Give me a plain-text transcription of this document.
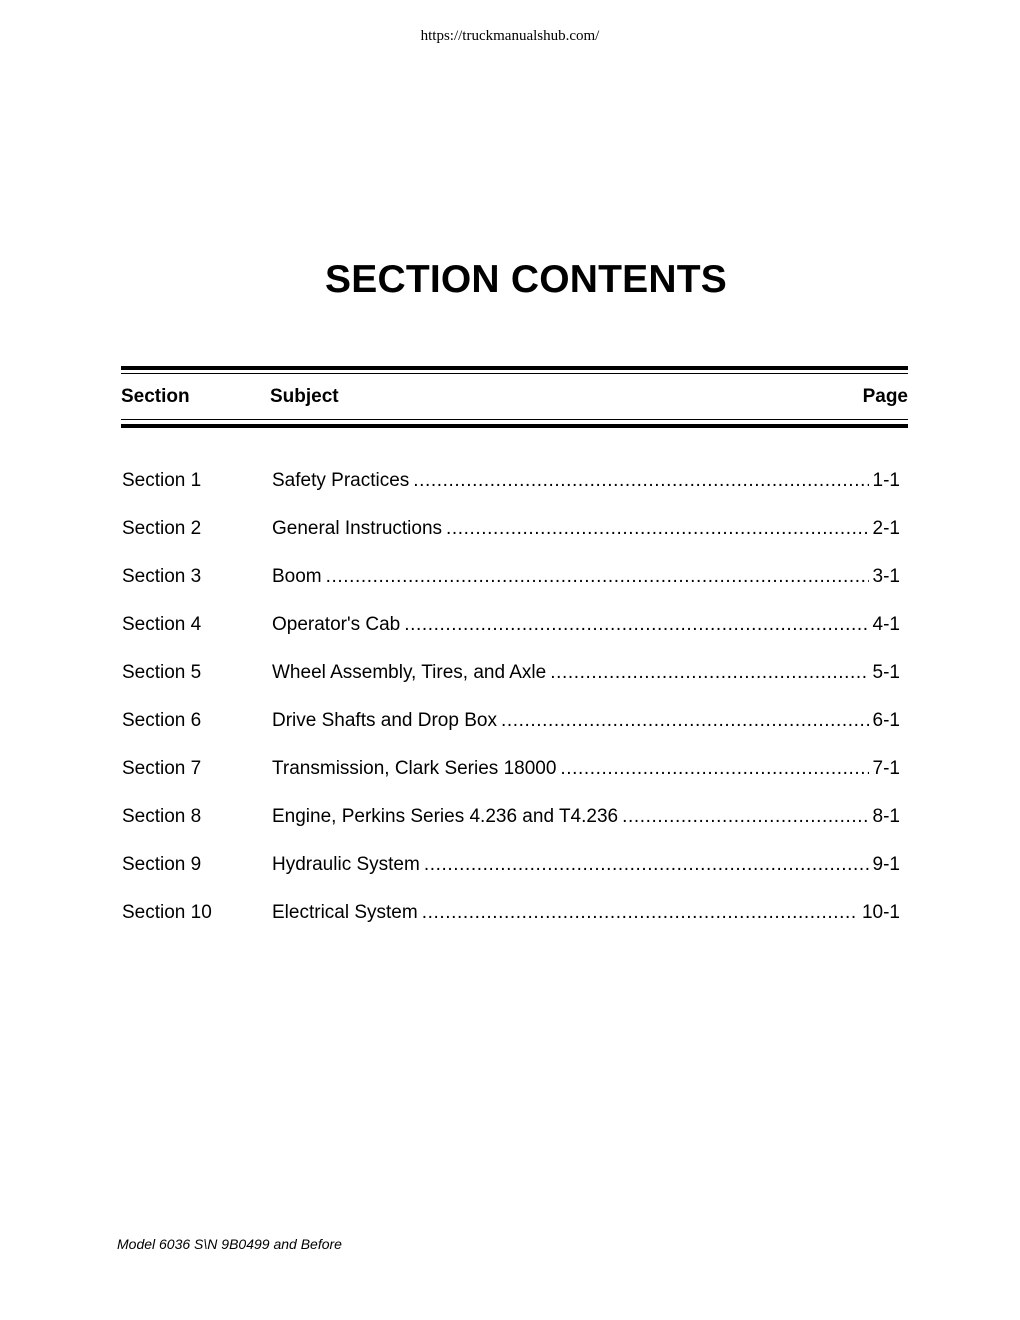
https://truckmanualshub.com/
SECTION CONTENTS
Section	Subject	Page
Section 1	Safety Practices .....	1-1
Section 2	General Instructions .....	2-1
Section 3	Boom .....	3-1
Section 4	Operator's Cab .....	4-1
Section 5	Wheel Assembly, Tires, and Axle .....	5-1
Section 6	Drive Shafts and Drop Box .....	6-1
Section 7	Transmission, Clark Series 18000 .....	7-1
Section 8	Engine, Perkins Series 4.236 and T4.236 .....	8-1
Section 9	Hydraulic System .....	9-1
Section 10	Electrical System .....	10-1
Model 6036 S\N 9B0499 and Before
